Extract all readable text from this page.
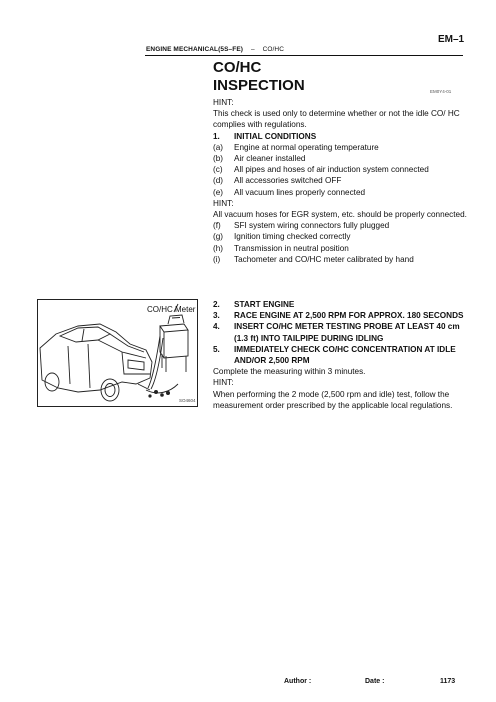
EM–1
ENGINE MECHANICAL(5S–FE) – CO/HC
CO/HC
INSPECTION	EM0Y4-01

HINT:

This check is used only to determine whether or not the idle CO/ HC complies with regulations.

1.	INITIAL CONDITIONS
(a)	Engine at normal operating temperature
(b)	Air cleaner installed
(c)	All pipes and hoses of air induction system connected
(d)	All accessories switched OFF
(e)	All vacuum lines properly connected

HINT:

All vacuum hoses for EGR system, etc. should be properly connected.

(f)	SFI system wiring connectors fully plugged
(g)	Ignition timing checked correctly
(h)	Transmission in neutral position
(i)	Tachometer and CO/HC meter calibrated by hand
CO/HC Meter
SO4604
2.	START ENGINE
3.	RACE ENGINE AT 2,500 RPM FOR APPROX. 180 SECONDS
4.	INSERT CO/HC METER TESTING PROBE AT LEAST 40 cm (1.3 ft) INTO TAILPIPE DURING IDLING
5.	IMMEDIATELY CHECK CO/HC CONCENTRATION AT IDLE AND/OR 2,500 RPM

Complete the measuring within 3 minutes.

HINT:

When performing the 2 mode (2,500 rpm and idle) test, follow the measurement order prescribed by the applicable local regulations.

Author :	Date :	1173
